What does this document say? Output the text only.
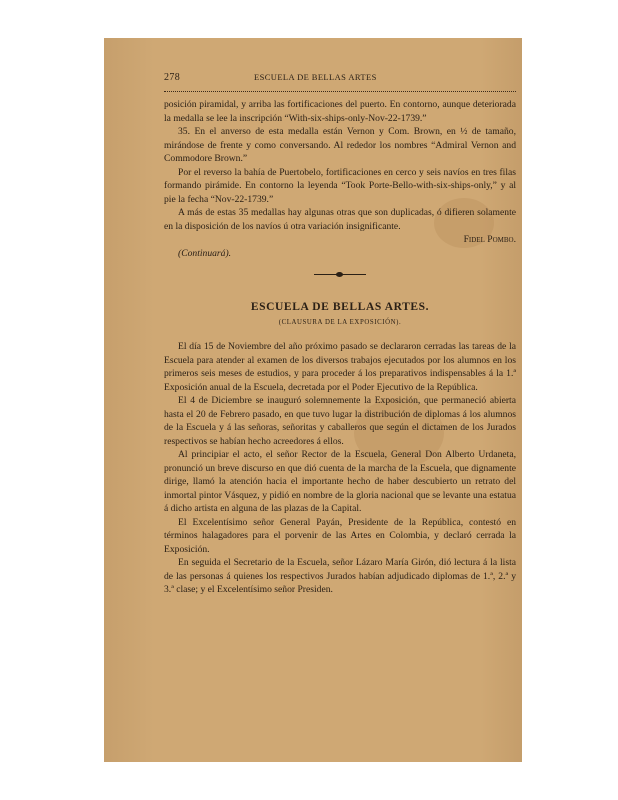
278	ESCUELA DE BELLAS ARTES

posición piramidal, y arriba las fortificaciones del puerto. En contorno, aunque deteriorada la medalla se lee la inscripción “With-six-ships-only-Nov-22-1739.”

35. En el anverso de esta medalla están Vernon y Com. Brown, en ½ de tamaño, mirándose de frente y como conversando. Al rededor los nombres “Admiral Vernon and Commodore Brown.”

Por el reverso la bahía de Puertobelo, fortificaciones en cerco y seis navíos en tres filas formando pirámide. En contorno la leyenda “Took Porte-Bello-with-six-ships-only,” y al pie la fecha “Nov-22-1739.”

A más de estas 35 medallas hay algunas otras que son duplicadas, ó difieren solamente en la disposición de los navíos ú otra variación insignificante.

Fidel Pombo.

(Continuará).

ESCUELA DE BELLAS ARTES.
(CLAUSURA DE LA EXPOSICIÓN).

El día 15 de Noviembre del año próximo pasado se declararon cerradas las tareas de la Escuela para atender al examen de los diversos trabajos ejecutados por los alumnos en los primeros seis meses de estudios, y para proceder á los preparativos indispensables á la 1.ª Exposición anual de la Escuela, decretada por el Poder Ejecutivo de la República.

El 4 de Diciembre se inauguró solemnemente la Exposición, que permaneció abierta hasta el 20 de Febrero pasado, en que tuvo lugar la distribución de diplomas á los alumnos de la Escuela y á las señoras, señoritas y caballeros que según el dictamen de los Jurados respectivos se habían hecho acreedores á ellos.

Al principiar el acto, el señor Rector de la Escuela, General Don Alberto Urdaneta, pronunció un breve discurso en que dió cuenta de la marcha de la Escuela, que dignamente dirige, llamó la atención hacia el importante hecho de haber descubierto un retrato del inmortal pintor Vásquez, y pidió en nombre de la gloria nacional que se levante una estatua á dicho artista en alguna de las plazas de la Capital.

El Excelentísimo señor General Payán, Presidente de la República, contestó en términos halagadores para el porvenir de las Artes en Colombia, y declaró cerrada la Exposición.

En seguida el Secretario de la Escuela, señor Lázaro María Girón, dió lectura á la lista de las personas á quienes los respectivos Jurados habían adjudicado diplomas de 1.ª, 2.ª y 3.ª clase; y el Excelentísimo señor Presiden.
